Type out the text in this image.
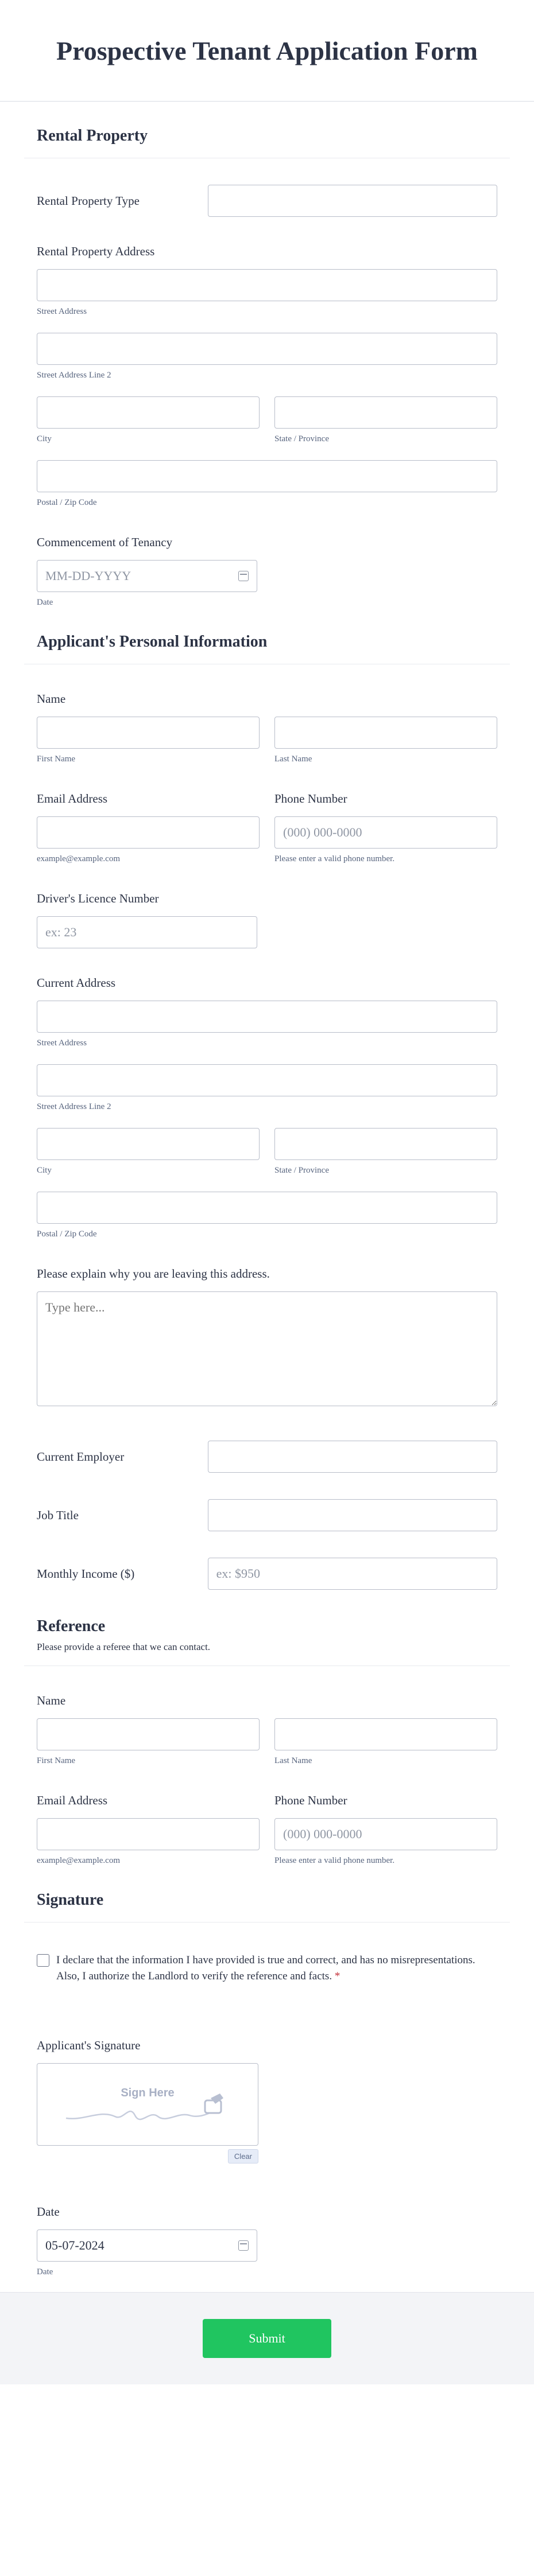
Prospective Tenant Application Form
Rental Property
Rental Property Type
Rental Property Address
Street Address
Street Address Line 2
City	State / Province
Postal / Zip Code
Commencement of Tenancy
MM-DD-YYYY
Date
Applicant's Personal Information
Name
First Name	Last Name
Email Address
example@example.com
Phone Number
(000) 000-0000
Please enter a valid phone number.
Driver's Licence Number
ex: 23
Current Address
Street Address
Street Address Line 2
City	State / Province
Postal / Zip Code
Please explain why you are leaving this address.
Type here...
Current Employer
Job Title
Monthly Income ($)	ex: $950
Reference
Please provide a referee that we can contact.
Name
First Name	Last Name
Email Address
example@example.com
Phone Number
(000) 000-0000
Please enter a valid phone number.
Signature
I declare that the information I have provided is true and correct, and has no misrepresentations. Also, I authorize the Landlord to verify the reference and facts. *
Applicant's Signature
Sign Here
Clear
Date
05-07-2024
Date
Submit
